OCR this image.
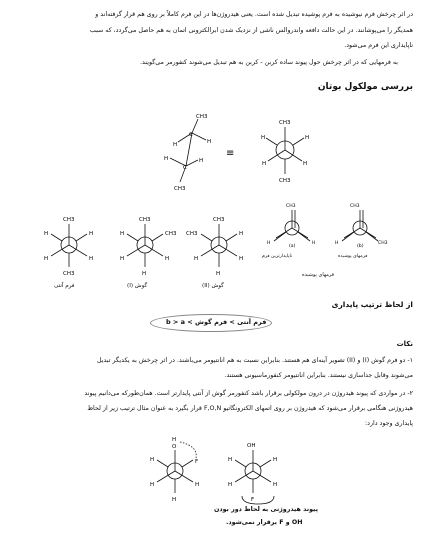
در اثر چرخش فرم نیوشیده به فرم پوشیده تبدیل شده است. یعنی هیدروژن‌ها در این فرم کاملاً بر روی هم قرار گرفته‌اند و
همدیگر را می‌پوشانند. در این حالت دافعه واندروالس ناشی از نزدیک شدن ابرالکترونی اتمان به هم حاصل می‌گردد، که سبب
ناپایداری این فرم می‌شود.
به فرمهایی که در اثر چرخش حول پیوند ساده کربن - کربن به هم تبدیل می‌شوند کنفورمر می‌گویند.
بررسی مولکول بوتان
CH3
C
H
H
C
H	H
CH3
≡
CH3
H	H
H	H
CH3
CH3
H	H
H	H
CH3
فرم آنتی
CH3
H	CH3
H	H
H
گوش (I)
CH3
CH3	H
H	H
H
گوش (II)
CH3
H	H
(a)
CH3
H	CH3
(b)
ناپایدارترین فرم	فرمهای پوشیده
فرمهای پوشیده
از لحاظ ترتیب پایداری
فرم آنتی > فرم گوش > b > a
نکات
۱- دو فرم گوش (I) و (II) تصویر آینه‌ای هم هستند. بنابراین نسبت به هم انانتیومر می‌باشند. در اثر چرخش به یکدیگر تبدیل
می‌شوند وقابل جداسازی نیستند. بنابراین انانتیومر کنفورماسیونی هستند.
۲- در مواردی که پیوند هیدروژن در درون مولکولی برقرار باشد کنفورمر گوش از آنتی پایدارتر است. همان‌طورکه می‌دانیم پیوند
هیدروژنی هنگامی برقرار می‌شود که هیدروژن بر روی اتمهای الکترونگاتیو F,O,N قرار بگیرد به عنوان مثال ترتیب زیر از لحاظ
پایداری وجود دارد:
H
O
H	F
H	H
H
OH
H	H
H	H
F
پیوند هیدروژنی به لحاظ دور بودن
OH و F برقرار نمی‌شود.
